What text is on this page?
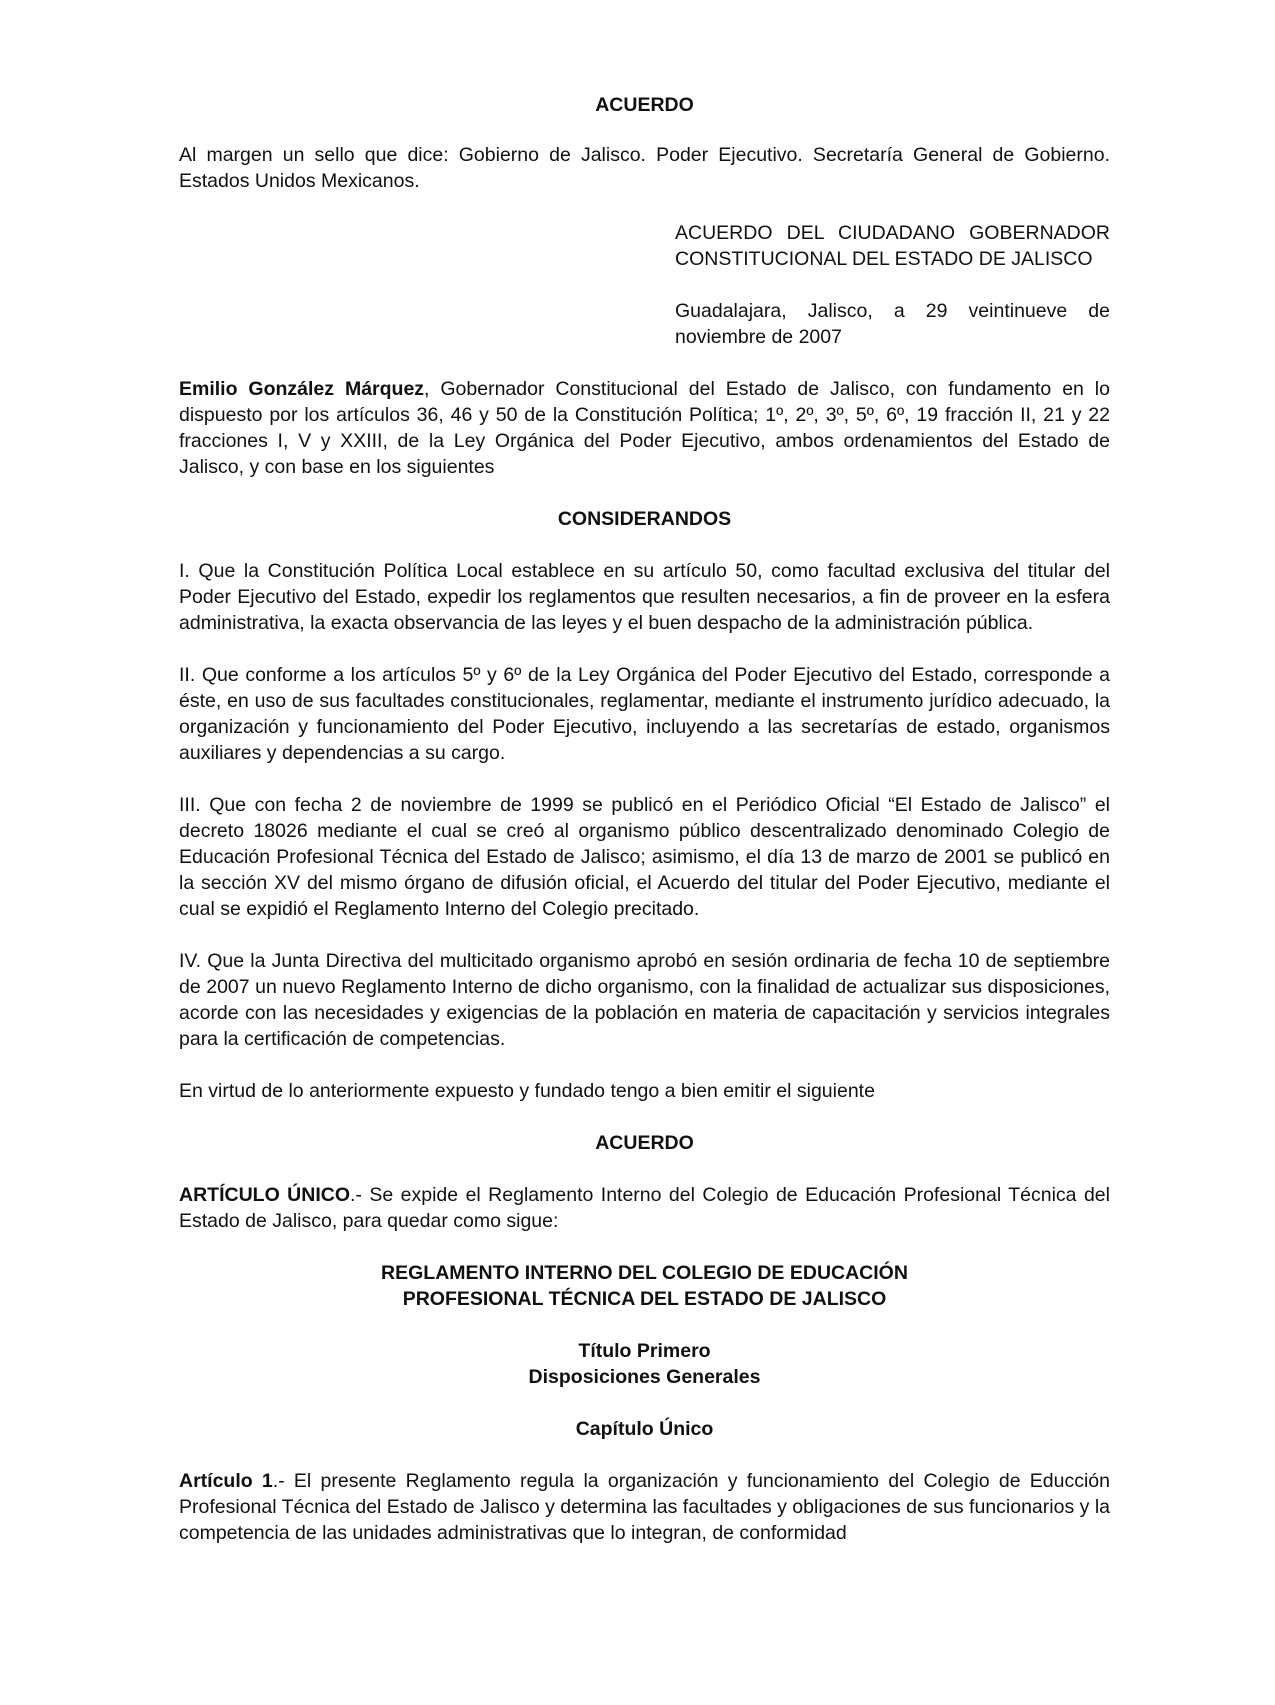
ACUERDO

Al margen un sello que dice: Gobierno de Jalisco. Poder Ejecutivo. Secretaría General de Gobierno. Estados Unidos Mexicanos.

ACUERDO DEL CIUDADANO GOBERNADOR CONSTITUCIONAL DEL ESTADO DE JALISCO

Guadalajara, Jalisco, a 29 veintinueve de noviembre de 2007

Emilio González Márquez, Gobernador Constitucional del Estado de Jalisco, con fundamento en lo dispuesto por los artículos 36, 46 y 50 de la Constitución Política; 1º, 2º, 3º, 5º, 6º, 19 fracción II, 21 y 22 fracciones I, V y XXIII, de la Ley Orgánica del Poder Ejecutivo, ambos ordenamientos del Estado de Jalisco, y con base en los siguientes

CONSIDERANDOS

I. Que la Constitución Política Local establece en su artículo 50, como facultad exclusiva del titular del Poder Ejecutivo del Estado, expedir los reglamentos que resulten necesarios, a fin de proveer en la esfera administrativa, la exacta observancia de las leyes y el buen despacho de la administración pública.

II. Que conforme a los artículos 5º y 6º de la Ley Orgánica del Poder Ejecutivo del Estado, corresponde a éste, en uso de sus facultades constitucionales, reglamentar, mediante el instrumento jurídico adecuado, la organización y funcionamiento del Poder Ejecutivo, incluyendo a las secretarías de estado, organismos auxiliares y dependencias a su cargo.

III. Que con fecha 2 de noviembre de 1999 se publicó en el Periódico Oficial “El Estado de Jalisco” el decreto 18026 mediante el cual se creó al organismo público descentralizado denominado Colegio de Educación Profesional Técnica del Estado de Jalisco; asimismo, el día 13 de marzo de 2001 se publicó en la sección XV del mismo órgano de difusión oficial, el Acuerdo del titular del Poder Ejecutivo, mediante el cual se expidió el Reglamento Interno del Colegio precitado.

IV. Que la Junta Directiva del multicitado organismo aprobó en sesión ordinaria de fecha 10 de septiembre de 2007 un nuevo Reglamento Interno de dicho organismo, con la finalidad de actualizar sus disposiciones, acorde con las necesidades y exigencias de la población en materia de capacitación y servicios integrales para la certificación de competencias.

En virtud de lo anteriormente expuesto y fundado tengo a bien emitir el siguiente

ACUERDO

ARTÍCULO ÚNICO.- Se expide el Reglamento Interno del Colegio de Educación Profesional Técnica del Estado de Jalisco, para quedar como sigue:

REGLAMENTO INTERNO DEL COLEGIO DE EDUCACIÓN

PROFESIONAL TÉCNICA DEL ESTADO DE JALISCO

Título Primero

Disposiciones Generales

Capítulo Único

Artículo 1.- El presente Reglamento regula la organización y funcionamiento del Colegio de Educción Profesional Técnica del Estado de Jalisco y determina las facultades y obligaciones de sus funcionarios y la competencia de las unidades administrativas que lo integran, de conformidad
